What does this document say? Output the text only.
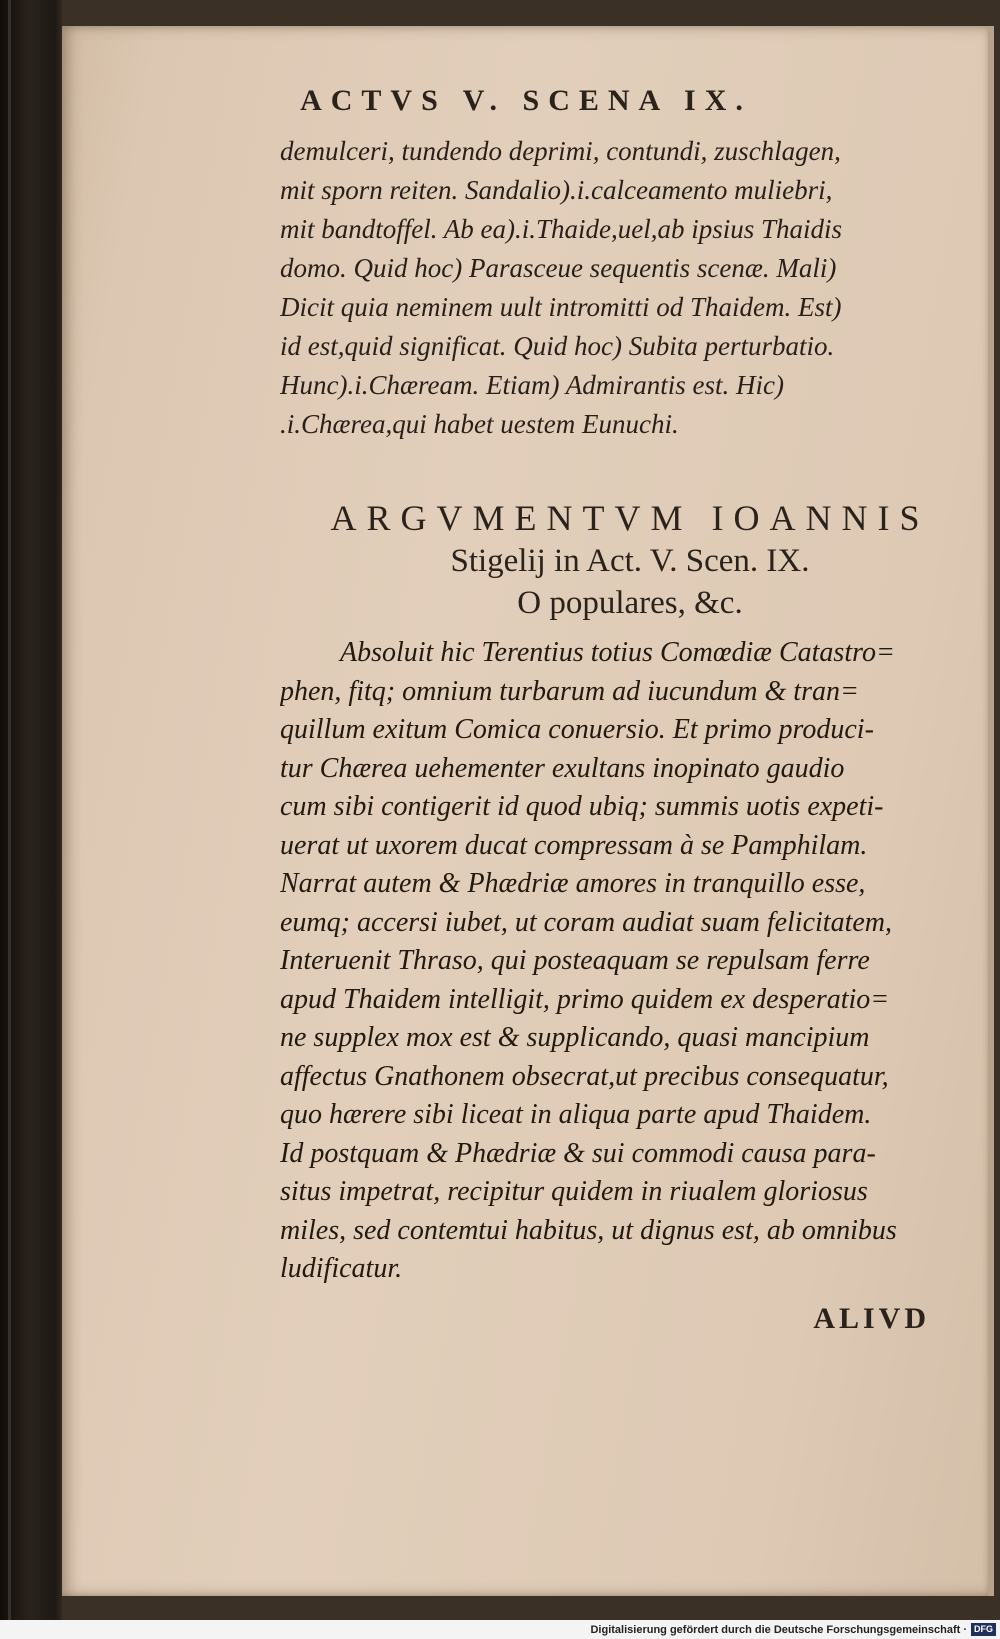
ACTVS V. SCENA IX.
demulceri, tundendo deprimi, contundi, zuschlagen,
mit sporn reiten. Sandalio).i.calceamento muliebri,
mit bandtoffel. Ab ea).i.Thaide,uel,ab ipsius Thaidis
domo. Quid hoc) Parasceue sequentis scenæ. Mali)
Dicit quia neminem uult intromitti od Thaidem. Est)
id est,quid significat. Quid hoc) Subita perturbatio.
Hunc).i.Chæream. Etiam) Admirantis est. Hic)
.i.Chærea,qui habet uestem Eunuchi.
ARGVMENTVM IOANNIS
Stigelij in Act. V. Scen. IX.
O populares, &c.
Absoluit hic Terentius totius Comœdiæ Catastro=
phen, fitq; omnium turbarum ad iucundum & tran=
quillum exitum Comica conuersio. Et primo produci-
tur Chærea uehementer exultans inopinato gaudio
cum sibi contigerit id quod ubiq; summis uotis expeti-
uerat ut uxorem ducat compressam à se Pamphilam.
Narrat autem & Phædriæ amores in tranquillo esse,
eumq; accersi iubet, ut coram audiat suam felicitatem,
Interuenit Thraso, qui posteaquam se repulsam ferre
apud Thaidem intelligit, primo quidem ex desperatio=
ne supplex mox est & supplicando, quasi mancipium
affectus Gnathonem obsecrat,ut precibus consequatur,
quo hærere sibi liceat in aliqua parte apud Thaidem.
Id postquam & Phædriæ & sui commodi causa para-
situs impetrat, recipitur quidem in riualem gloriosus
miles, sed contemtui habitus, ut dignus est, ab omnibus
ludificatur.
ALIVD
Digitalisierung gefördert durch die Deutsche Forschungsgemeinschaft · DFG
